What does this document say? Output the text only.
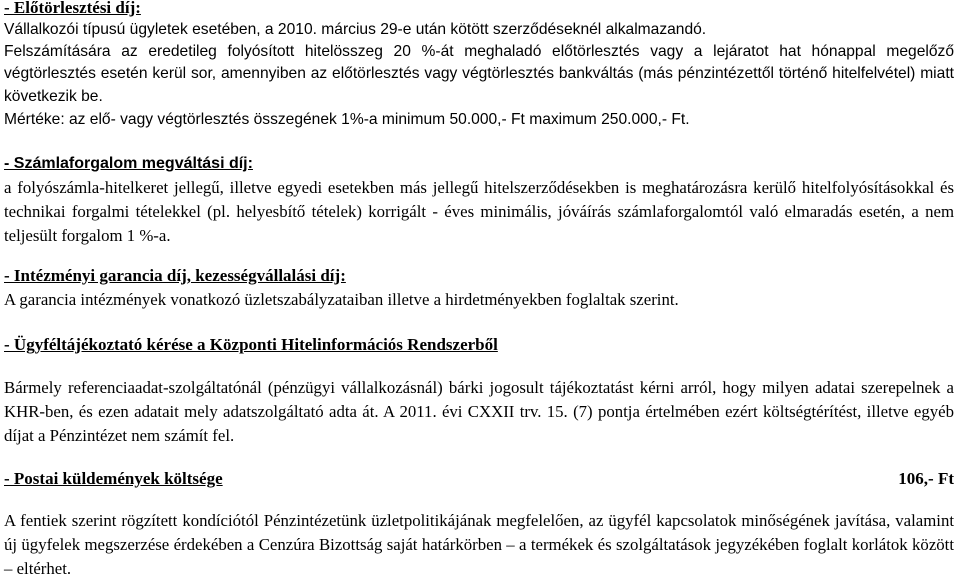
- Előtörlesztési díj:

Vállalkozói típusú ügyletek esetében, a 2010. március 29-e után kötött szerződéseknél alkalmazandó.

Felszámítására az eredetileg folyósított hitelösszeg 20 %-át meghaladó előtörlesztés vagy a lejáratot hat hónappal megelőző végtörlesztés esetén kerül sor, amennyiben az előtörlesztés vagy végtörlesztés bankváltás (más pénzintézettől történő hitelfelvétel) miatt következik be.

Mértéke: az elő- vagy végtörlesztés összegének 1%-a minimum 50.000,- Ft maximum 250.000,- Ft.

- Számlaforgalom megváltási díj:

a folyószámla-hitelkeret jellegű, illetve egyedi esetekben más jellegű hitelszerződésekben is meghatározásra kerülő hitelfolyósításokkal és technikai forgalmi tételekkel (pl. helyesbítő tételek) korrigált - éves minimális, jóváírás számlaforgalomtól való elmaradás esetén, a nem teljesült forgalom 1 %-a.

- Intézményi garancia díj, kezességvállalási díj:

A garancia intézmények vonatkozó üzletszabályzataiban illetve a hirdetményekben foglaltak szerint.

- Ügyféltájékoztató kérése a Központi Hitelinformációs Rendszerből

Bármely referenciaadat-szolgáltatónál (pénzügyi vállalkozásnál) bárki jogosult tájékoztatást kérni arról, hogy milyen adatai szerepelnek a KHR-ben, és ezen adatait mely adatszolgáltató adta át. A 2011. évi CXXII trv. 15. (7) pontja értelmében ezért költségtérítést, illetve egyéb díjat a Pénzintézet nem számít fel.

- Postai küldemények költsége	106,- Ft

A fentiek szerint rögzített kondíciótól Pénzintézetünk üzletpolitikájának megfelelően, az ügyfél kapcsolatok minőségének javítása, valamint új ügyfelek megszerzése érdekében a Cenzúra Bizottság saját határkörben – a termékek és szolgáltatások jegyzékében foglalt korlátok között – eltérhet.
